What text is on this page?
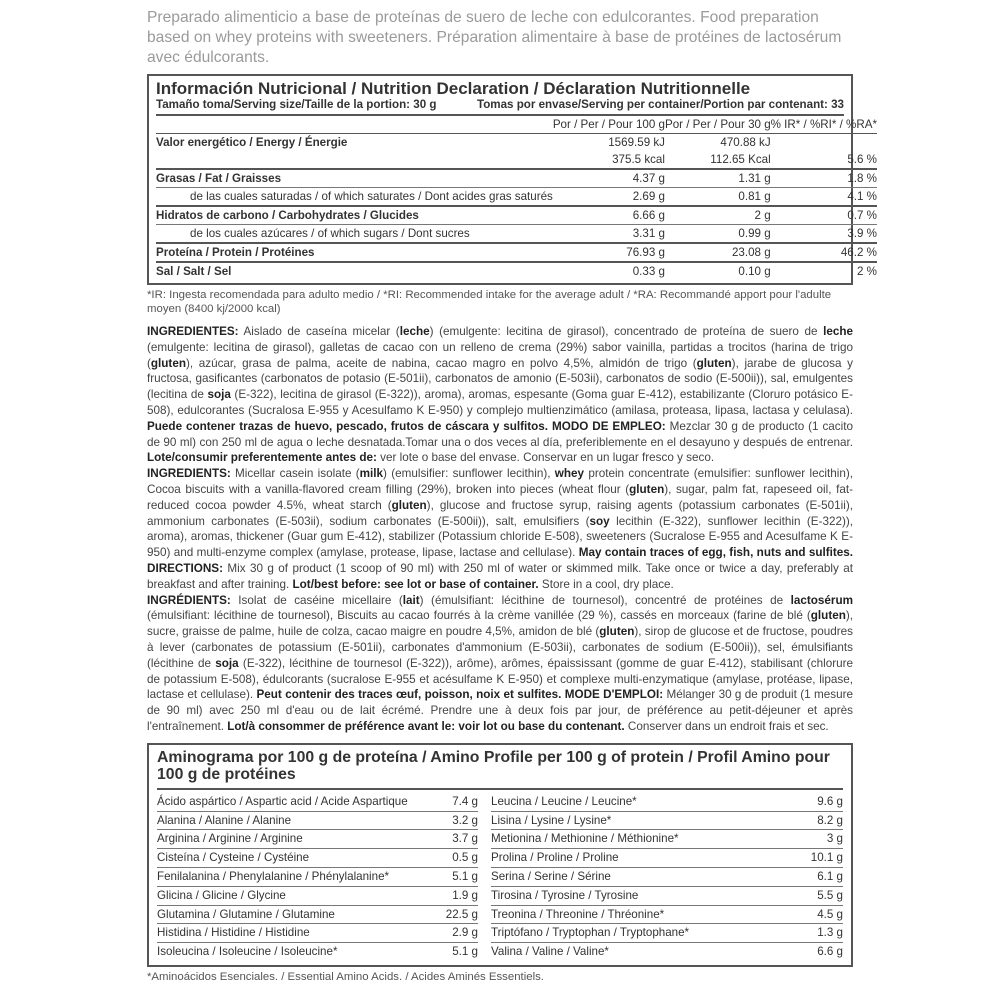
Preparado alimenticio a base de proteínas de suero de leche con edulcorantes. Food preparation based on whey proteins with sweeteners. Préparation alimentaire à base de protéines de lactosérum avec édulcorants.

Información Nutricional / Nutrition Declaration / Déclaration Nutritionnelle
Tamaño toma/Serving size/Taille de la portion: 30 g	Tomas por envase/Serving per container/Portion par contenant: 33
	Por / Per / Pour 100 g	Por / Per / Pour 30 g	% IR* / %RI* / %RA*
Valor energético / Energy / Énergie	1569.59 kJ	470.88 kJ	
	375.5 kcal	112.65 Kcal	5.6 %
Grasas / Fat / Graisses	4.37 g	1.31 g	1.8 %
de las cuales saturadas / of which saturates / Dont acides gras saturés	2.69 g	0.81 g	4.1 %
Hidratos de carbono / Carbohydrates / Glucides	6.66 g	2 g	0.7 %
de los cuales azúcares / of which sugars / Dont sucres	3.31 g	0.99 g	3.9 %
Proteína / Protein / Protéines	76.93 g	23.08 g	46.2 %
Sal / Salt / Sel	0.33 g	0.10 g	2 %
*IR: Ingesta recomendada para adulto medio / *RI: Recommended intake for the average adult / *RA: Recommandé apport pour l'adulte moyen (8400 kj/2000 kcal)

INGREDIENTES: Aislado de caseína micelar (leche) (emulgente: lecitina de girasol), concentrado de proteína de suero de leche (emulgente: lecitina de girasol), galletas de cacao con un relleno de crema (29%) sabor vainilla, partidas a trocitos (harina de trigo (gluten), azúcar, grasa de palma, aceite de nabina, cacao magro en polvo 4,5%, almidón de trigo (gluten), jarabe de glucosa y fructosa, gasificantes (carbonatos de potasio (E-501ii), carbonatos de amonio (E-503ii), carbonatos de sodio (E-500ii)), sal, emulgentes (lecitina de soja (E-322), lecitina de girasol (E-322)), aroma), aromas, espesante (Goma guar E-412), estabilizante (Cloruro potásico E-508), edulcorantes (Sucralosa E-955 y Acesulfamo K E-950) y complejo multienzimático (amilasa, proteasa, lipasa, lactasa y celulasa). Puede contener trazas de huevo, pescado, frutos de cáscara y sulfitos. MODO DE EMPLEO: Mezclar 30 g de producto (1 cacito de 90 ml) con 250 ml de agua o leche desnatada.Tomar una o dos veces al día, preferiblemente en el desayuno y después de entrenar. Lote/consumir preferentemente antes de: ver lote o base del envase. Conservar en un lugar fresco y seco.

INGREDIENTS: Micellar casein isolate (milk) (emulsifier: sunflower lecithin), whey protein concentrate (emulsifier: sunflower lecithin), Cocoa biscuits with a vanilla-flavored cream filling (29%), broken into pieces (wheat flour (gluten), sugar, palm fat, rapeseed oil, fat-reduced cocoa powder 4.5%, wheat starch (gluten), glucose and fructose syrup, raising agents (potassium carbonates (E-501ii), ammonium carbonates (E-503ii), sodium carbonates (E-500ii)), salt, emulsifiers (soy lecithin (E-322), sunflower lecithin (E-322)), aroma), aromas, thickener (Guar gum E-412), stabilizer (Potassium chloride E-508), sweeteners (Sucralose E-955 and Acesulfame K E-950) and multi-enzyme complex (amylase, protease, lipase, lactase and cellulase). May contain traces of egg, fish, nuts and sulfites. DIRECTIONS: Mix 30 g of product (1 scoop of 90 ml) with 250 ml of water or skimmed milk. Take once or twice a day, preferably at breakfast and after training. Lot/best before: see lot or base of container. Store in a cool, dry place.

INGRÉDIENTS: Isolat de caséine micellaire (lait) (émulsifiant: lécithine de tournesol), concentré de protéines de lactosérum (émulsifiant: lécithine de tournesol), Biscuits au cacao fourrés à la crème vanillée (29 %), cassés en morceaux (farine de blé (gluten), sucre, graisse de palme, huile de colza, cacao maigre en poudre 4,5%, amidon de blé (gluten), sirop de glucose et de fructose, poudres à lever (carbonates de potassium (E-501ii), carbonates d'ammonium (E-503ii), carbonates de sodium (E-500ii)), sel, émulsifiants (lécithine de soja (E-322), lécithine de tournesol (E-322)), arôme), arômes, épaississant (gomme de guar E-412), stabilisant (chlorure de potassium E-508), édulcorants (sucralose E-955 et acésulfame K E-950) et complexe multi-enzymatique (amylase, protéase, lipase, lactase et cellulase). Peut contenir des traces œuf, poisson, noix et sulfites. MODE D'EMPLOI: Mélanger 30 g de produit (1 mesure de 90 ml) avec 250 ml d'eau ou de lait écrémé. Prendre une à deux fois par jour, de préférence au petit-déjeuner et après l'entraînement. Lot/à consommer de préférence avant le: voir lot ou base du contenant. Conserver dans un endroit frais et sec.

Aminograma por 100 g de proteína / Amino Profile per 100 g of protein / Profil Amino pour 100 g de protéines
Ácido aspártico / Aspartic acid / Acide Aspartique	7.4 g
Alanina / Alanine / Alanine	3.2 g
Arginina / Arginine / Arginine	3.7 g
Cisteína / Cysteine / Cystéine	0.5 g
Fenilalanina / Phenylalanine / Phénylalanine*	5.1 g
Glicina / Glicine / Glycine	1.9 g
Glutamina / Glutamine / Glutamine	22.5 g
Histidina / Histidine / Histidine	2.9 g
Isoleucina / Isoleucine / Isoleucine*	5.1 g
Leucina / Leucine / Leucine*	9.6 g
Lisina / Lysine / Lysine*	8.2 g
Metionina / Methionine / Méthionine*	3 g
Prolina / Proline / Proline	10.1 g
Serina / Serine / Sérine	6.1 g
Tirosina / Tyrosine / Tyrosine	5.5 g
Treonina / Threonine / Thréonine*	4.5 g
Triptófano / Tryptophan / Tryptophane*	1.3 g
Valina / Valine / Valine*	6.6 g
*Aminoácidos Esenciales. / Essential Amino Acids. / Acides Aminés Essentiels.
